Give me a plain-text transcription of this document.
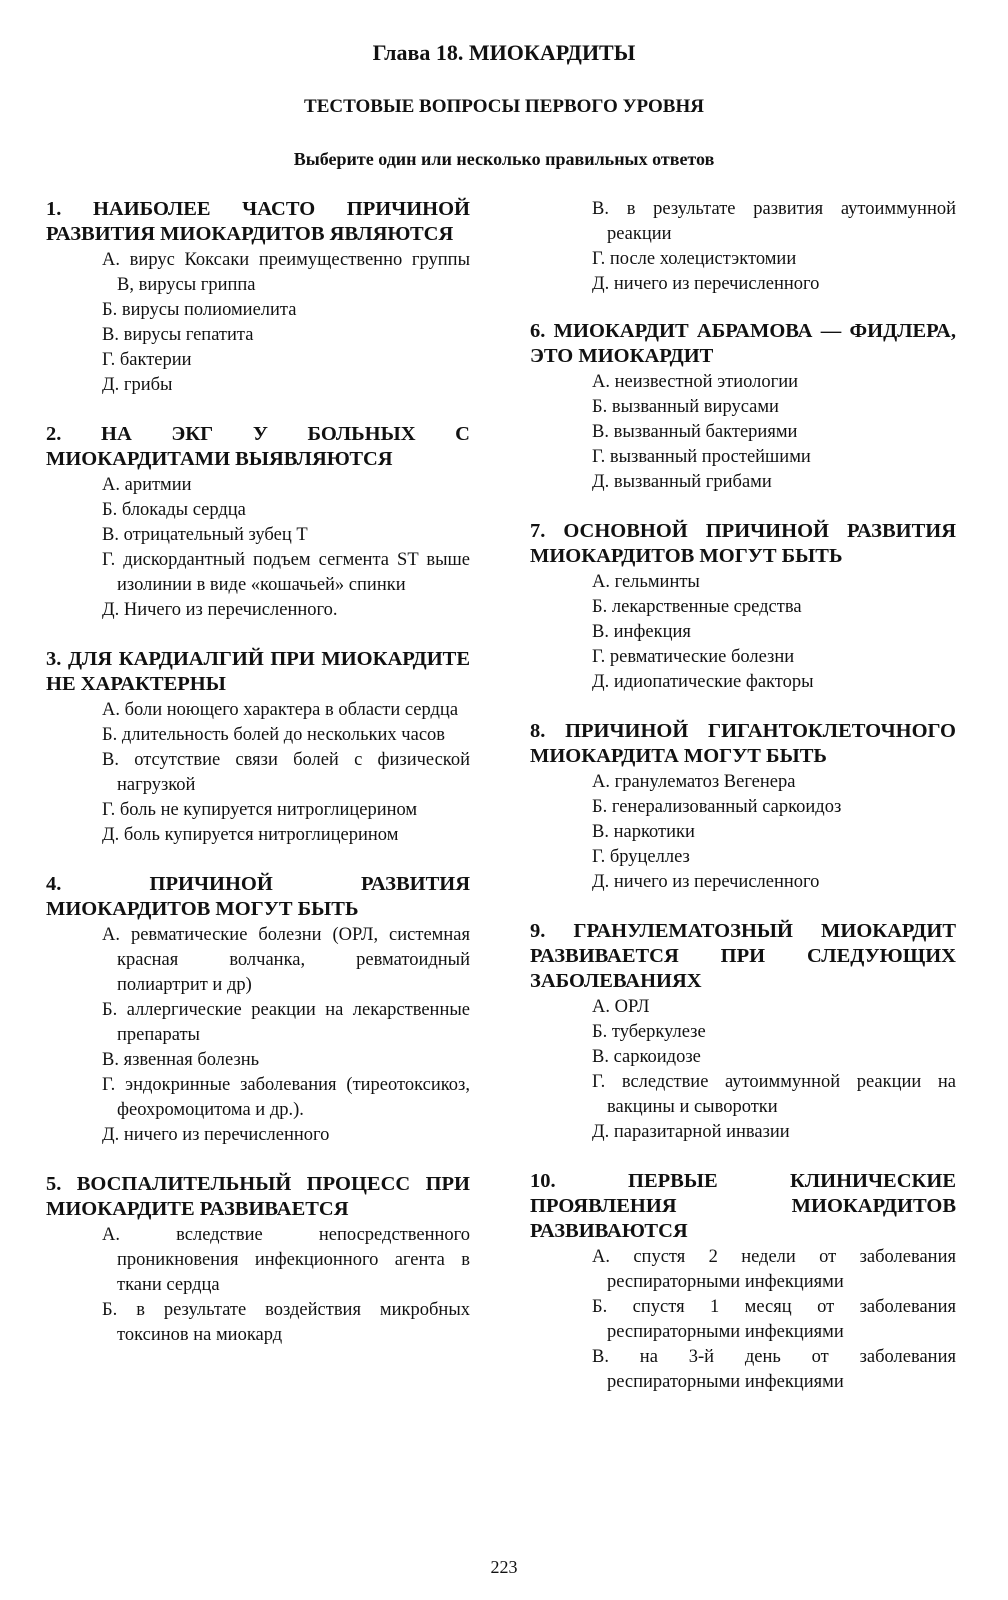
Глава 18. МИОКАРДИТЫ
ТЕСТОВЫЕ ВОПРОСЫ ПЕРВОГО УРОВНЯ
Выберите один или несколько правильных ответов
1. НАИБОЛЕЕ ЧАСТО ПРИЧИНОЙ РАЗВИТИЯ МИОКАРДИТОВ ЯВЛЯЮТСЯ
А. вирус Коксаки преимущественно группы В, вирусы гриппа
Б. вирусы полиомиелита
В. вирусы гепатита
Г. бактерии
Д. грибы
2. НА ЭКГ У БОЛЬНЫХ С МИОКАРДИТАМИ ВЫЯВЛЯЮТСЯ
А. аритмии
Б. блокады сердца
В. отрицательный зубец Т
Г. дискордантный подъем сегмента ST выше изолинии в виде «кошачьей» спинки
Д. Ничего из перечисленного.
3. ДЛЯ КАРДИАЛГИЙ ПРИ МИОКАРДИТЕ НЕ ХАРАКТЕРНЫ
А. боли ноющего характера в области сердца
Б. длительность болей до нескольких часов
В. отсутствие связи болей с физической нагрузкой
Г. боль не купируется нитроглицерином
Д. боль купируется нитроглицерином
4. ПРИЧИНОЙ РАЗВИТИЯ МИОКАРДИТОВ МОГУТ БЫТЬ
А. ревматические болезни (ОРЛ, системная красная волчанка, ревматоидный полиартрит и др)
Б. аллергические реакции на лекарственные препараты
В. язвенная болезнь
Г. эндокринные заболевания (тиреотоксикоз, феохромоцитома и др.).
Д. ничего из перечисленного
5. ВОСПАЛИТЕЛЬНЫЙ ПРОЦЕСС ПРИ МИОКАРДИТЕ РАЗВИВАЕТСЯ
А. вследствие непосредственного проникновения инфекционного агента в ткани сердца
Б. в результате воздействия микробных токсинов на миокард
В. в результате развития аутоиммунной реакции
Г. после холецистэктомии
Д. ничего из перечисленного
6. МИОКАРДИТ АБРАМОВА — ФИДЛЕРА, ЭТО МИОКАРДИТ
А. неизвестной этиологии
Б. вызванный вирусами
В. вызванный бактериями
Г. вызванный простейшими
Д. вызванный грибами
7. ОСНОВНОЙ ПРИЧИНОЙ РАЗВИТИЯ МИОКАРДИТОВ МОГУТ БЫТЬ
А. гельминты
Б. лекарственные средства
В. инфекция
Г. ревматические болезни
Д. идиопатические факторы
8. ПРИЧИНОЙ ГИГАНТОКЛЕТОЧНОГО МИОКАРДИТА МОГУТ БЫТЬ
А. гранулематоз Вегенера
Б. генерализованный саркоидоз
В. наркотики
Г. бруцеллез
Д. ничего из перечисленного
9. ГРАНУЛЕМАТОЗНЫЙ МИОКАРДИТ РАЗВИВАЕТСЯ ПРИ СЛЕДУЮЩИХ ЗАБОЛЕВАНИЯХ
А. ОРЛ
Б. туберкулезе
В. саркоидозе
Г. вследствие аутоиммунной реакции на вакцины и сыворотки
Д. паразитарной инвазии
10. ПЕРВЫЕ КЛИНИЧЕСКИЕ ПРОЯВЛЕНИЯ МИОКАРДИТОВ РАЗВИВАЮТСЯ
А. спустя 2 недели от заболевания респираторными инфекциями
Б. спустя 1 месяц от заболевания респираторными инфекциями
В. на 3-й день от заболевания респираторными инфекциями
223
